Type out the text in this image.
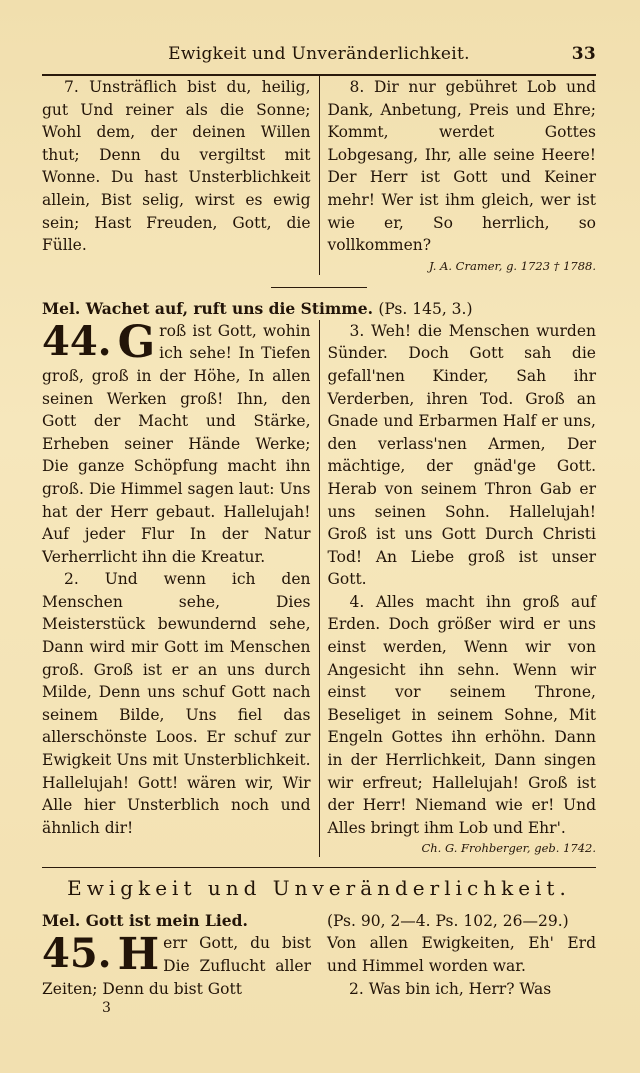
Ewigkeit und Unveränderlichkeit.	33

7. Unsträflich bist du, heilig, gut Und reiner als die Sonne; Wohl dem, der deinen Willen thut; Denn du vergiltst mit Wonne. Du hast Unsterblichkeit allein, Bist selig, wirst es ewig sein; Hast Freuden, Gott, die Fülle.

8. Dir nur gebühret Lob und Dank, Anbetung, Preis und Ehre; Kommt, werdet Gottes Lobgesang, Ihr, alle seine Heere! Der Herr ist Gott und Keiner mehr! Wer ist ihm gleich, wer ist wie er, So herrlich, so vollkommen?

J. A. Cramer, g. 1723 † 1788.
Mel. Wachet auf, ruft uns die Stimme. (Ps. 145, 3.)

44. G roß ist Gott, wohin ich sehe! In Tiefen groß, groß in der Höhe, In allen seinen Werken groß! Ihn, den Gott der Macht und Stärke, Erheben seiner Hände Werke; Die ganze Schöpfung macht ihn groß. Die Himmel sagen laut: Uns hat der Herr gebaut. Hallelujah! Auf jeder Flur In der Natur Verherrlicht ihn die Kreatur.

2. Und wenn ich den Menschen sehe, Dies Meisterstück bewundernd sehe, Dann wird mir Gott im Menschen groß. Groß ist er an uns durch Milde, Denn uns schuf Gott nach seinem Bilde, Uns fiel das allerschönste Loos. Er schuf zur Ewigkeit Uns mit Unsterblichkeit. Hallelujah! Gott! wären wir, Wir Alle hier Unsterblich noch und ähnlich dir!

3. Weh! die Menschen wurden Sünder. Doch Gott sah die gefall'nen Kinder, Sah ihr Verderben, ihren Tod. Groß an Gnade und Erbarmen Half er uns, den verlass'nen Armen, Der mächtige, der gnäd'ge Gott. Herab von seinem Thron Gab er uns seinen Sohn. Hallelujah! Groß ist uns Gott Durch Christi Tod! An Liebe groß ist unser Gott.

4. Alles macht ihn groß auf Erden. Doch größer wird er uns einst werden, Wenn wir von Angesicht ihn sehn. Wenn wir einst vor seinem Throne, Beseliget in seinem Sohne, Mit Engeln Gottes ihn erhöhn. Dann in der Herrlichkeit, Dann singen wir erfreut; Hallelujah! Groß ist der Herr! Niemand wie er! Und Alles bringt ihm Lob und Ehr'.

Ch. G. Frohberger, geb. 1742.
Ewigkeit und Unveränderlichkeit.
Mel. Gott ist mein Lied.

45. H err Gott, du bist Die Zuflucht aller Zeiten; Denn du bist Gott

3
(Ps. 90, 2—4. Ps. 102, 26—29.)

Von allen Ewigkeiten, Eh' Erd und Himmel worden war.

2. Was bin ich, Herr? Was
